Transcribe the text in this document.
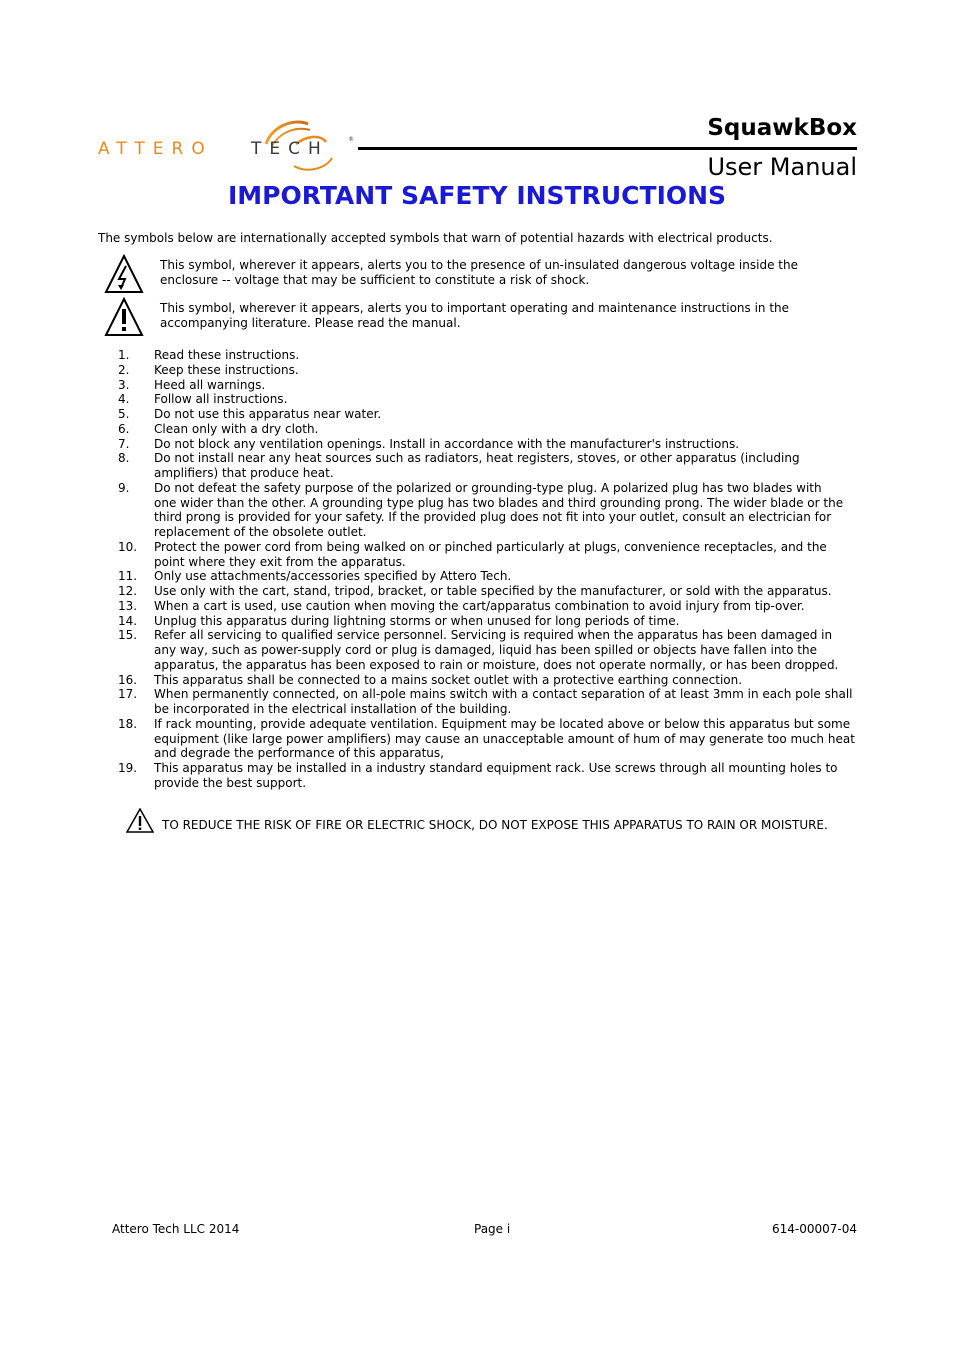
ATTERO TECH	®	SquawkBox
User Manual
IMPORTANT SAFETY INSTRUCTIONS
The symbols below are internationally accepted symbols that warn of potential hazards with electrical products.
This symbol, wherever it appears, alerts you to the presence of un-insulated dangerous voltage inside the
enclosure -- voltage that may be sufficient to constitute a risk of shock.
This symbol, wherever it appears, alerts you to important operating and maintenance instructions in the
accompanying literature. Please read the manual.
1.	Read these instructions.
2.	Keep these instructions.
3.	Heed all warnings.
4.	Follow all instructions.
5.	Do not use this apparatus near water.
6.	Clean only with a dry cloth.
7.	Do not block any ventilation openings. Install in accordance with the manufacturer's instructions.
8.	Do not install near any heat sources such as radiators, heat registers, stoves, or other apparatus (including
amplifiers) that produce heat.
9.	Do not defeat the safety purpose of the polarized or grounding-type plug. A polarized plug has two blades with
one wider than the other. A grounding type plug has two blades and third grounding prong. The wider blade or the
third prong is provided for your safety. If the provided plug does not fit into your outlet, consult an electrician for
replacement of the obsolete outlet.
10.	Protect the power cord from being walked on or pinched particularly at plugs, convenience receptacles, and the
point where they exit from the apparatus.
11.	Only use attachments/accessories specified by Attero Tech.
12.	Use only with the cart, stand, tripod, bracket, or table specified by the manufacturer, or sold with the apparatus.
13.	When a cart is used, use caution when moving the cart/apparatus combination to avoid injury from tip-over.
14.	Unplug this apparatus during lightning storms or when unused for long periods of time.
15.	Refer all servicing to qualified service personnel. Servicing is required when the apparatus has been damaged in
any way, such as power-supply cord or plug is damaged, liquid has been spilled or objects have fallen into the
apparatus, the apparatus has been exposed to rain or moisture, does not operate normally, or has been dropped.
16.	This apparatus shall be connected to a mains socket outlet with a protective earthing connection.
17.	When permanently connected, on all-pole mains switch with a contact separation of at least 3mm in each pole shall
be incorporated in the electrical installation of the building.
18.	If rack mounting, provide adequate ventilation. Equipment may be located above or below this apparatus but some
equipment (like large power amplifiers) may cause an unacceptable amount of hum of may generate too much heat
and degrade the performance of this apparatus,
19.	This apparatus may be installed in a industry standard equipment rack. Use screws through all mounting holes to
provide the best support.
TO REDUCE THE RISK OF FIRE OR ELECTRIC SHOCK, DO NOT EXPOSE THIS APPARATUS TO RAIN OR MOISTURE.
Attero Tech LLC 2014	Page i	614-00007-04
